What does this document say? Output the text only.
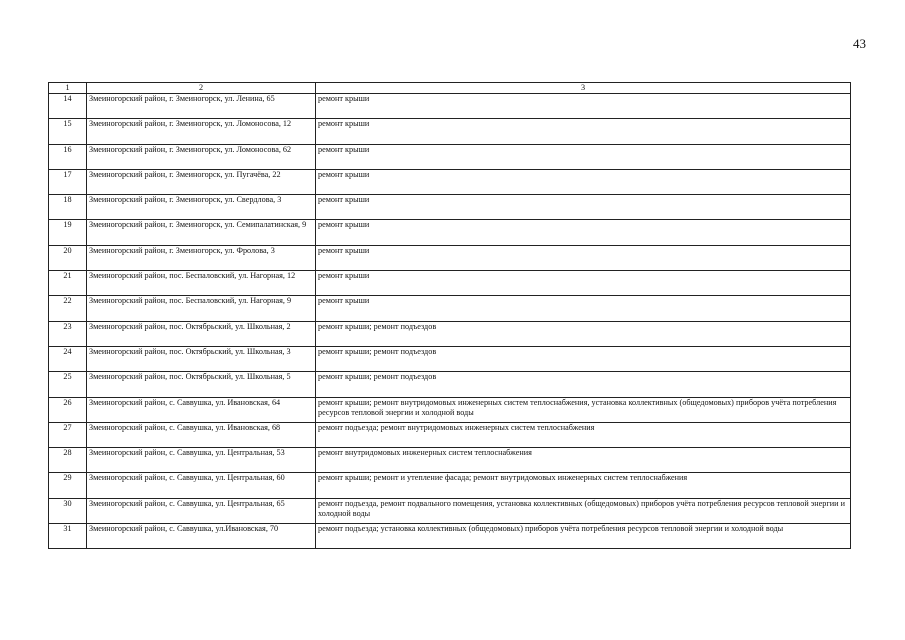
43
1	2	3
14	Змеиногорский район, г. Змеиногорск, ул. Ленина, 65	ремонт крыши
15	Змеиногорский район, г. Змеиногорск, ул. Ломоносова, 12	ремонт крыши
16	Змеиногорский район, г. Змеиногорск, ул. Ломоносова, 62	ремонт крыши
17	Змеиногорский район, г. Змеиногорск, ул. Пугачёва, 22	ремонт крыши
18	Змеиногорский район, г. Змеиногорск, ул. Свердлова, 3	ремонт крыши
19	Змеиногорский район, г. Змеиногорск, ул. Семипалатинская, 9	ремонт крыши
20	Змеиногорский район, г. Змеиногорск, ул. Фролова, 3	ремонт крыши
21	Змеиногорский район, пос. Беспаловский, ул. Нагорная, 12	ремонт крыши
22	Змеиногорский район, пос. Беспаловский, ул. Нагорная, 9	ремонт крыши
23	Змеиногорский район, пос. Октябрьский, ул. Школьная, 2	ремонт крыши; ремонт подъездов
24	Змеиногорский район, пос. Октябрьский, ул. Школьная, 3	ремонт крыши; ремонт подъездов
25	Змеиногорский район, пос. Октябрьский, ул. Школьная, 5	ремонт крыши; ремонт подъездов
26	Змеиногорский район, с. Саввушка, ул. Ивановская, 64	ремонт крыши; ремонт внутридомовых инженерных систем теплоснабжения, установка коллективных (общедомовых) приборов учёта потребления ресурсов тепловой энергии и холодной воды
27	Змеиногорский район, с. Саввушка, ул. Ивановская, 68	ремонт подъезда; ремонт внутридомовых инженерных систем теплоснабжения
28	Змеиногорский район, с. Саввушка, ул. Центральная, 53	ремонт внутридомовых инженерных систем теплоснабжения
29	Змеиногорский район, с. Саввушка, ул. Центральная, 60	ремонт крыши; ремонт и утепление фасада; ремонт внутридомовых инженерных систем теплоснабжения
30	Змеиногорский район, с. Саввушка, ул. Центральная, 65	ремонт подъезда, ремонт подвального помещения, установка коллективных (общедомовых) приборов учёта потребления ресурсов тепловой энергии и холодной воды
31	Змеиногорский район, с. Саввушка, ул.Ивановская, 70	ремонт подъезда; установка коллективных (общедомовых) приборов учёта потребления ресурсов тепловой энергии и холодной воды
